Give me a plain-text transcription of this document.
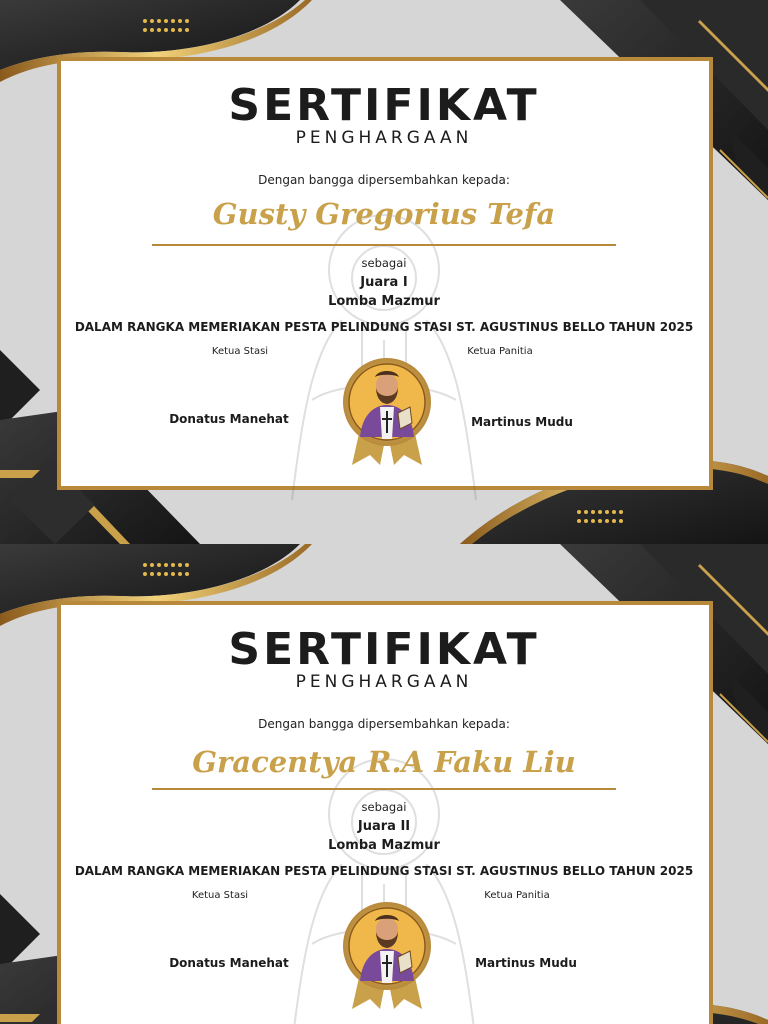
SERTIFIKAT
PENGHARGAAN
Dengan bangga dipersembahkan kepada:
Gusty Gregorius Tefa
sebagai
Juara I
Lomba Mazmur
DALAM RANGKA MEMERIAKAN PESTA PELINDUNG STASI ST. AGUSTINUS BELLO TAHUN 2025
Ketua Stasi	Ketua Panitia
Donatus Manehat	Martinus Mudu
SERTIFIKAT
PENGHARGAAN
Dengan bangga dipersembahkan kepada:
Gracentya R.A Faku Liu
sebagai
Juara II
Lomba Mazmur
DALAM RANGKA MEMERIAKAN PESTA PELINDUNG STASI ST. AGUSTINUS BELLO TAHUN 2025
Ketua Stasi	Ketua Panitia
Donatus Manehat	Martinus Mudu
